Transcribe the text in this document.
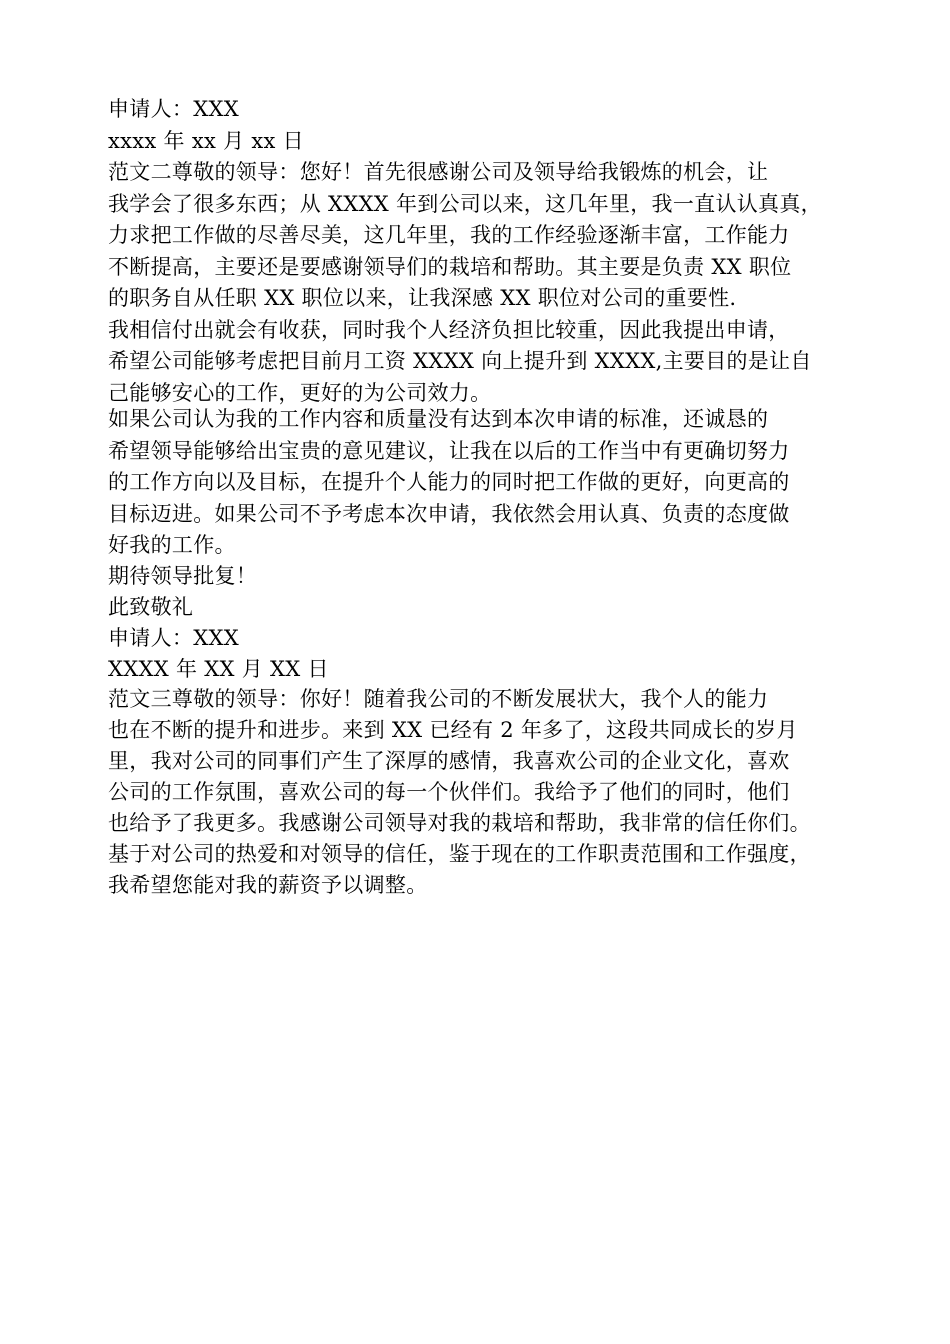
申请人：XXX
xxxx 年 xx 月 xx 日
范文二尊敬的领导：您好！首先很感谢公司及领导给我锻炼的机会，让
我学会了很多东西；从 XXXX 年到公司以来，这几年里，我一直认认真真，
力求把工作做的尽善尽美，这几年里，我的工作经验逐渐丰富，工作能力
不断提高，主要还是要感谢领导们的栽培和帮助。其主要是负责 XX 职位
的职务自从任职 XX 职位以来，让我深感 XX 职位对公司的重要性.
我相信付出就会有收获，同时我个人经济负担比较重，因此我提出申请，
希望公司能够考虑把目前月工资 XXXX 向上提升到 XXXX,主要目的是让自
己能够安心的工作，更好的为公司效力。
如果公司认为我的工作内容和质量没有达到本次申请的标准，还诚恳的
希望领导能够给出宝贵的意见建议，让我在以后的工作当中有更确切努力
的工作方向以及目标，在提升个人能力的同时把工作做的更好，向更高的
目标迈进。如果公司不予考虑本次申请，我依然会用认真、负责的态度做
好我的工作。
期待领导批复！
此致敬礼
申请人：XXX
XXXX 年 XX 月 XX 日
范文三尊敬的领导：你好！随着我公司的不断发展状大，我个人的能力
也在不断的提升和进步。来到 XX 已经有 2 年多了，这段共同成长的岁月
里，我对公司的同事们产生了深厚的感情，我喜欢公司的企业文化，喜欢
公司的工作氛围，喜欢公司的每一个伙伴们。我给予了他们的同时，他们
也给予了我更多。我感谢公司领导对我的栽培和帮助，我非常的信任你们。
基于对公司的热爱和对领导的信任，鉴于现在的工作职责范围和工作强度，
我希望您能对我的薪资予以调整。
